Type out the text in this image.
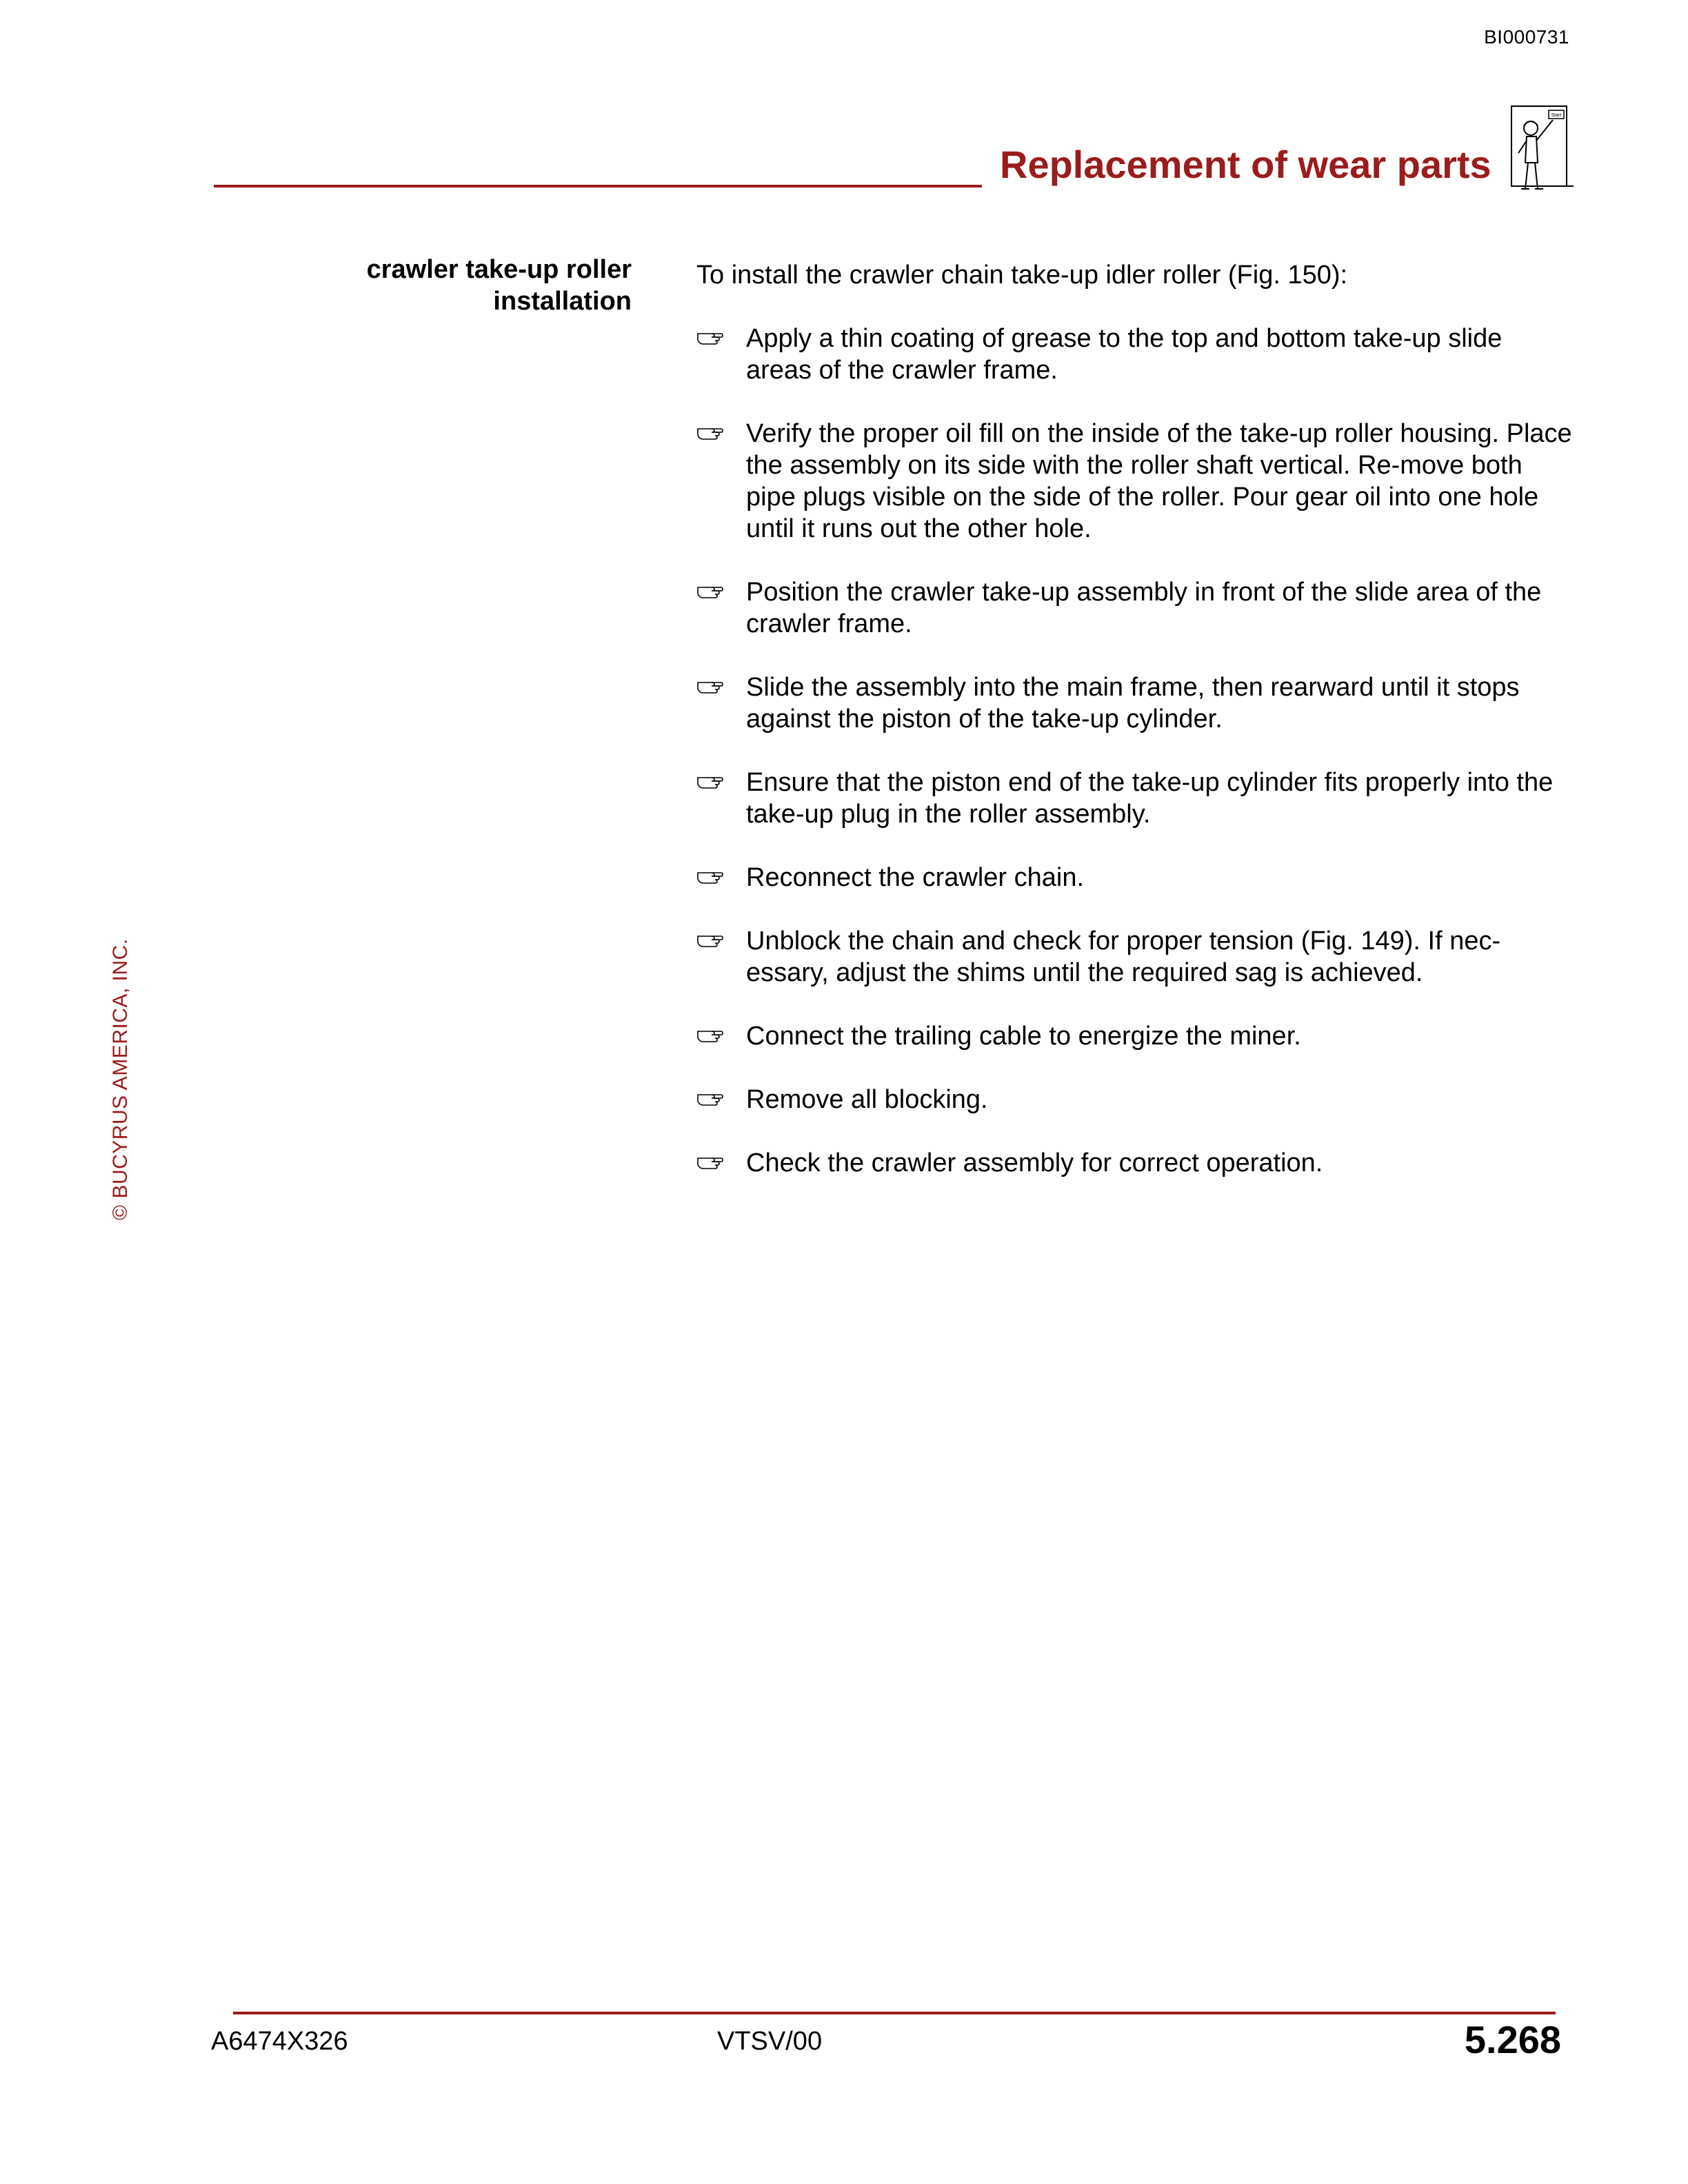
BI000731
Replacement of wear parts
Start
© BUCYRUS AMERICA, INC.
crawler take-up roller
installation
To install the crawler chain take-up idler roller (Fig. 150):
Apply a thin coating of grease to the top and bottom take-up slide areas of the crawler frame.
Verify the proper oil fill on the inside of the take-up roller housing. Place the assembly on its side with the roller shaft vertical. Re-move both pipe plugs visible on the side of the roller. Pour gear oil into one hole until it runs out the other hole.
Position the crawler take-up assembly in front of the slide area of the crawler frame.
Slide the assembly into the main frame, then rearward until it stops against the piston of the take-up cylinder.
Ensure that the piston end of the take-up cylinder fits properly into the take-up plug in the roller assembly.
Reconnect the crawler chain.
Unblock the chain and check for proper tension (Fig. 149). If nec-essary, adjust the shims until the required sag is achieved.
Connect the trailing cable to energize the miner.
Remove all blocking.
Check the crawler assembly for correct operation.
A6474X326	VTSV/00	5.268
